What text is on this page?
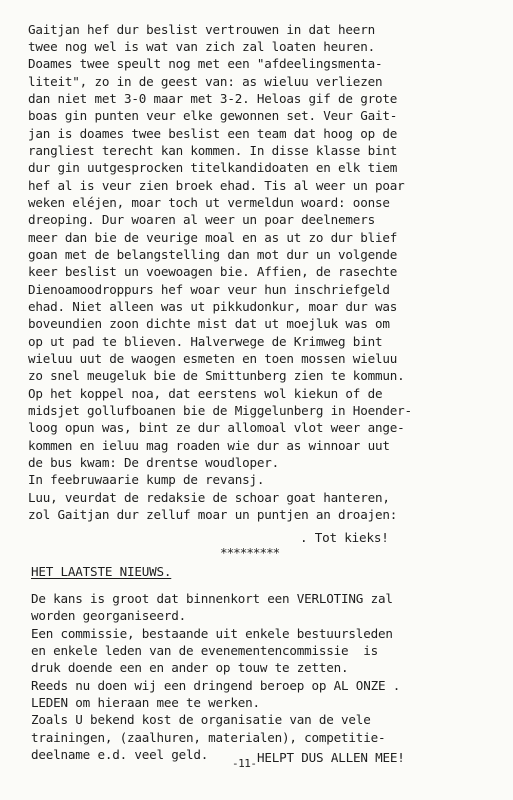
Gaitjan hef dur beslist vertrouwen in dat heern
twee nog wel is wat van zich zal loaten heuren.
Doames twee speult nog met een "afdeelingsmenta-
liteit", zo in de geest van: as wieluu verliezen
dan niet met 3-0 maar met 3-2. Heloas gif de grote
boas gin punten veur elke gewonnen set. Veur Gait-
jan is doames twee beslist een team dat hoog op de
rangliest terecht kan kommen. In disse klasse bint
dur gin uutgesprocken titelkandidoaten en elk tiem
hef al is veur zien broek ehad. Tis al weer un poar
weken eléjen, moar toch ut vermeldun woard: oonse
dreoping. Dur woaren al weer un poar deelnemers
meer dan bie de veurige moal en as ut zo dur blief
goan met de belangstelling dan mot dur un volgende
keer beslist un voewoagen bie. Affien, de rasechte
Dienoamoodroppurs hef woar veur hun inschriefgeld
ehad. Niet alleen was ut pikkudonkur, moar dur was
boveundien zoon dichte mist dat ut moejluk was om
op ut pad te blieven. Halverwege de Krimweg bint
wieluu uut de waogen esmeten en toen mossen wieluu
zo snel meugeluk bie de Smittunberg zien te kommun.
Op het koppel noa, dat eerstens wol kiekun of de
midsjet gollufboanen bie de Miggelunberg in Hoender-
loog opun was, bint ze dur allomoal vlot weer ange-
kommen en ieluu mag roaden wie dur as winnoar uut
de bus kwam: De drentse woudloper.
In feebruwaarie kump de revansj.
Luu, veurdat de redaksie de schoar goat hanteren,
zol Gaitjan dur zelluf moar un puntjen an droajen:
. Tot kieks!
*********
HET LAATSTE NIEUWS.
De kans is groot dat binnenkort een VERLOTING zal
worden georganiseerd.
Een commissie, bestaande uit enkele bestuursleden
en enkele leden van de evenementencommissie  is
druk doende een en ander op touw te zetten.
Reeds nu doen wij een dringend beroep op AL ONZE .
LEDEN om hieraan mee te werken.
Zoals U bekend kost de organisatie van de vele
trainingen, (zaalhuren, materialen), competitie-
deelname e.d. veel geld.	HELPT DUS ALLEN MEE!
-11-
